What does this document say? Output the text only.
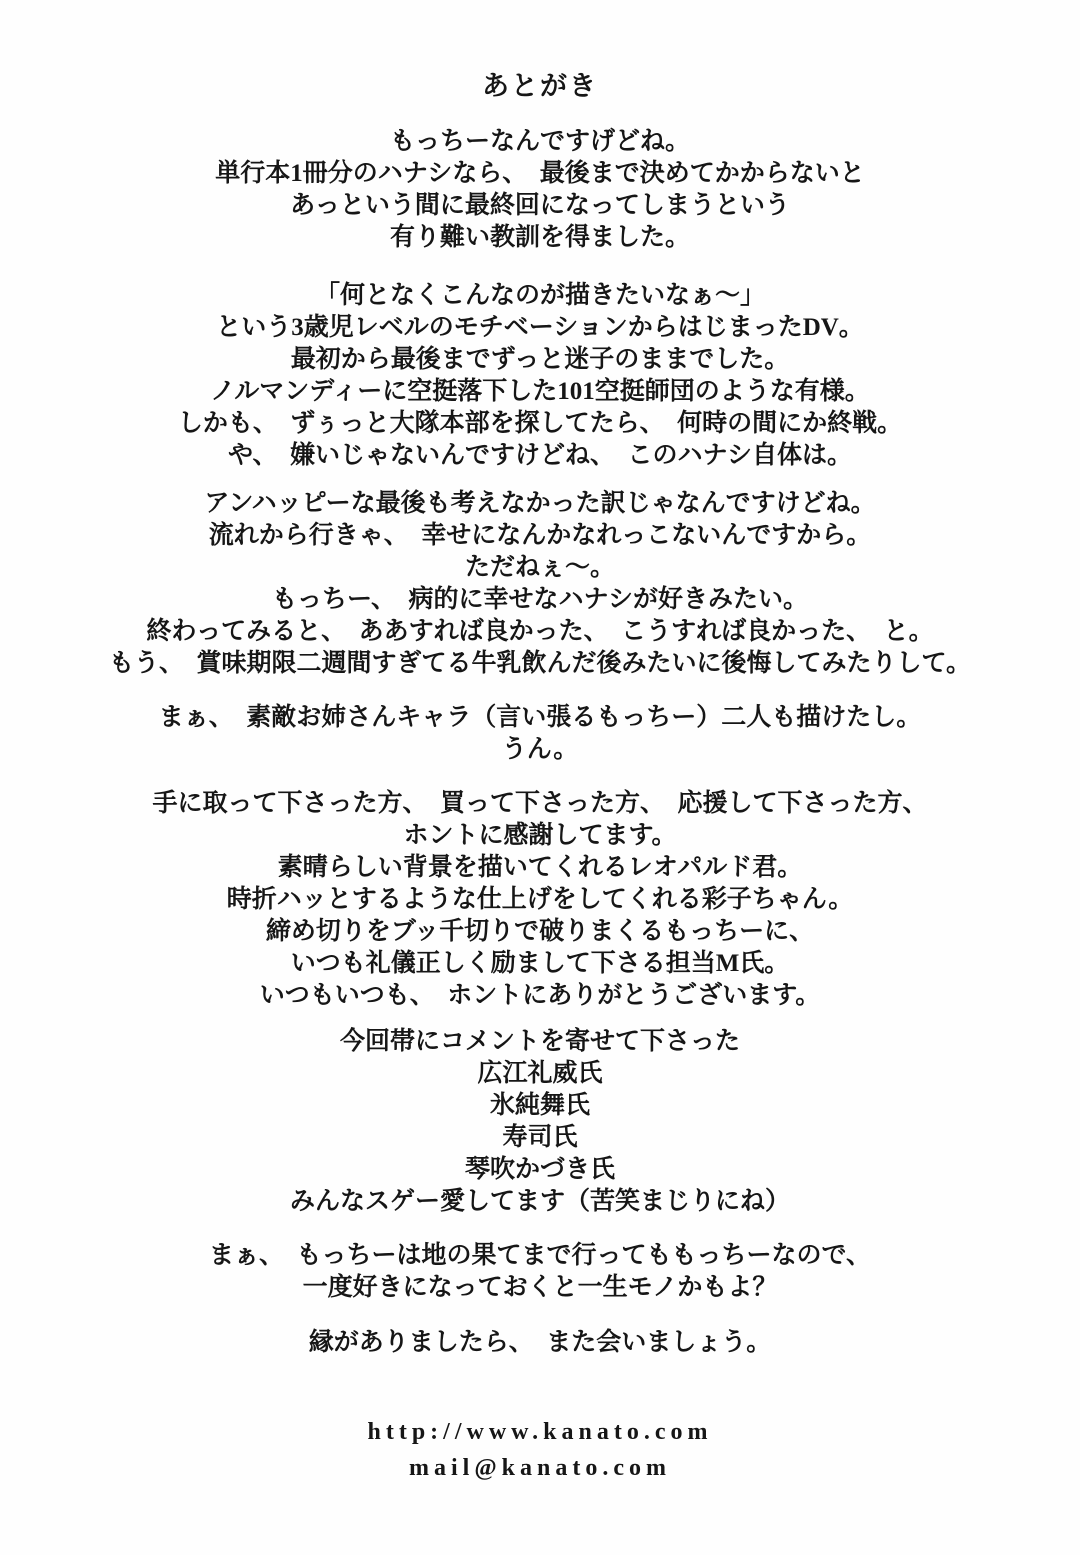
あとがき
もっちーなんですげどね。
単行本1冊分のハナシなら、　最後まで決めてかからないと
あっという間に最終回になってしまうという
有り難い教訓を得ました。
「何となくこんなのが描きたいなぁ～」
という3歳児レベルのモチベーションからはじまったDV。
最初から最後までずっと迷子のままでした。
ノルマンディーに空挺落下した101空挺師団のような有様。
しかも、　ずぅっと大隊本部を探してたら、　何時の間にか終戦。
や、　嫌いじゃないんですけどね、　このハナシ自体は。
アンハッピーな最後も考えなかった訳じゃなんですけどね。
流れから行きゃ、　幸せになんかなれっこないんですから。
ただねぇ～。
もっちー、　病的に幸せなハナシが好きみたい。
終わってみると、　ああすれば良かった、　こうすれば良かった、　と。
もう、　賞味期限二週間すぎてる牛乳飲んだ後みたいに後悔してみたりして。
まぁ、　素敵お姉さんキャラ（言い張るもっちー）二人も描けたし。
うん。
手に取って下さった方、　買って下さった方、　応援して下さった方、
ホントに感謝してます。
素晴らしい背景を描いてくれるレオパルド君。
時折ハッとするような仕上げをしてくれる彩子ちゃん。
締め切りをブッ千切りで破りまくるもっちーに、
いつも礼儀正しく励まして下さる担当M氏。
いつもいつも、　ホントにありがとうございます。
今回帯にコメントを寄せて下さった
広江礼威氏
氷純舞氏
寿司氏
琴吹かづき氏
みんなスゲー愛してます（苦笑まじりにね）
まぁ、　もっちーは地の果てまで行ってももっちーなので、
一度好きになっておくと一生モノかもよ？
縁がありましたら、　また会いましょう。
http://www.kanato.com
mail@kanato.com
